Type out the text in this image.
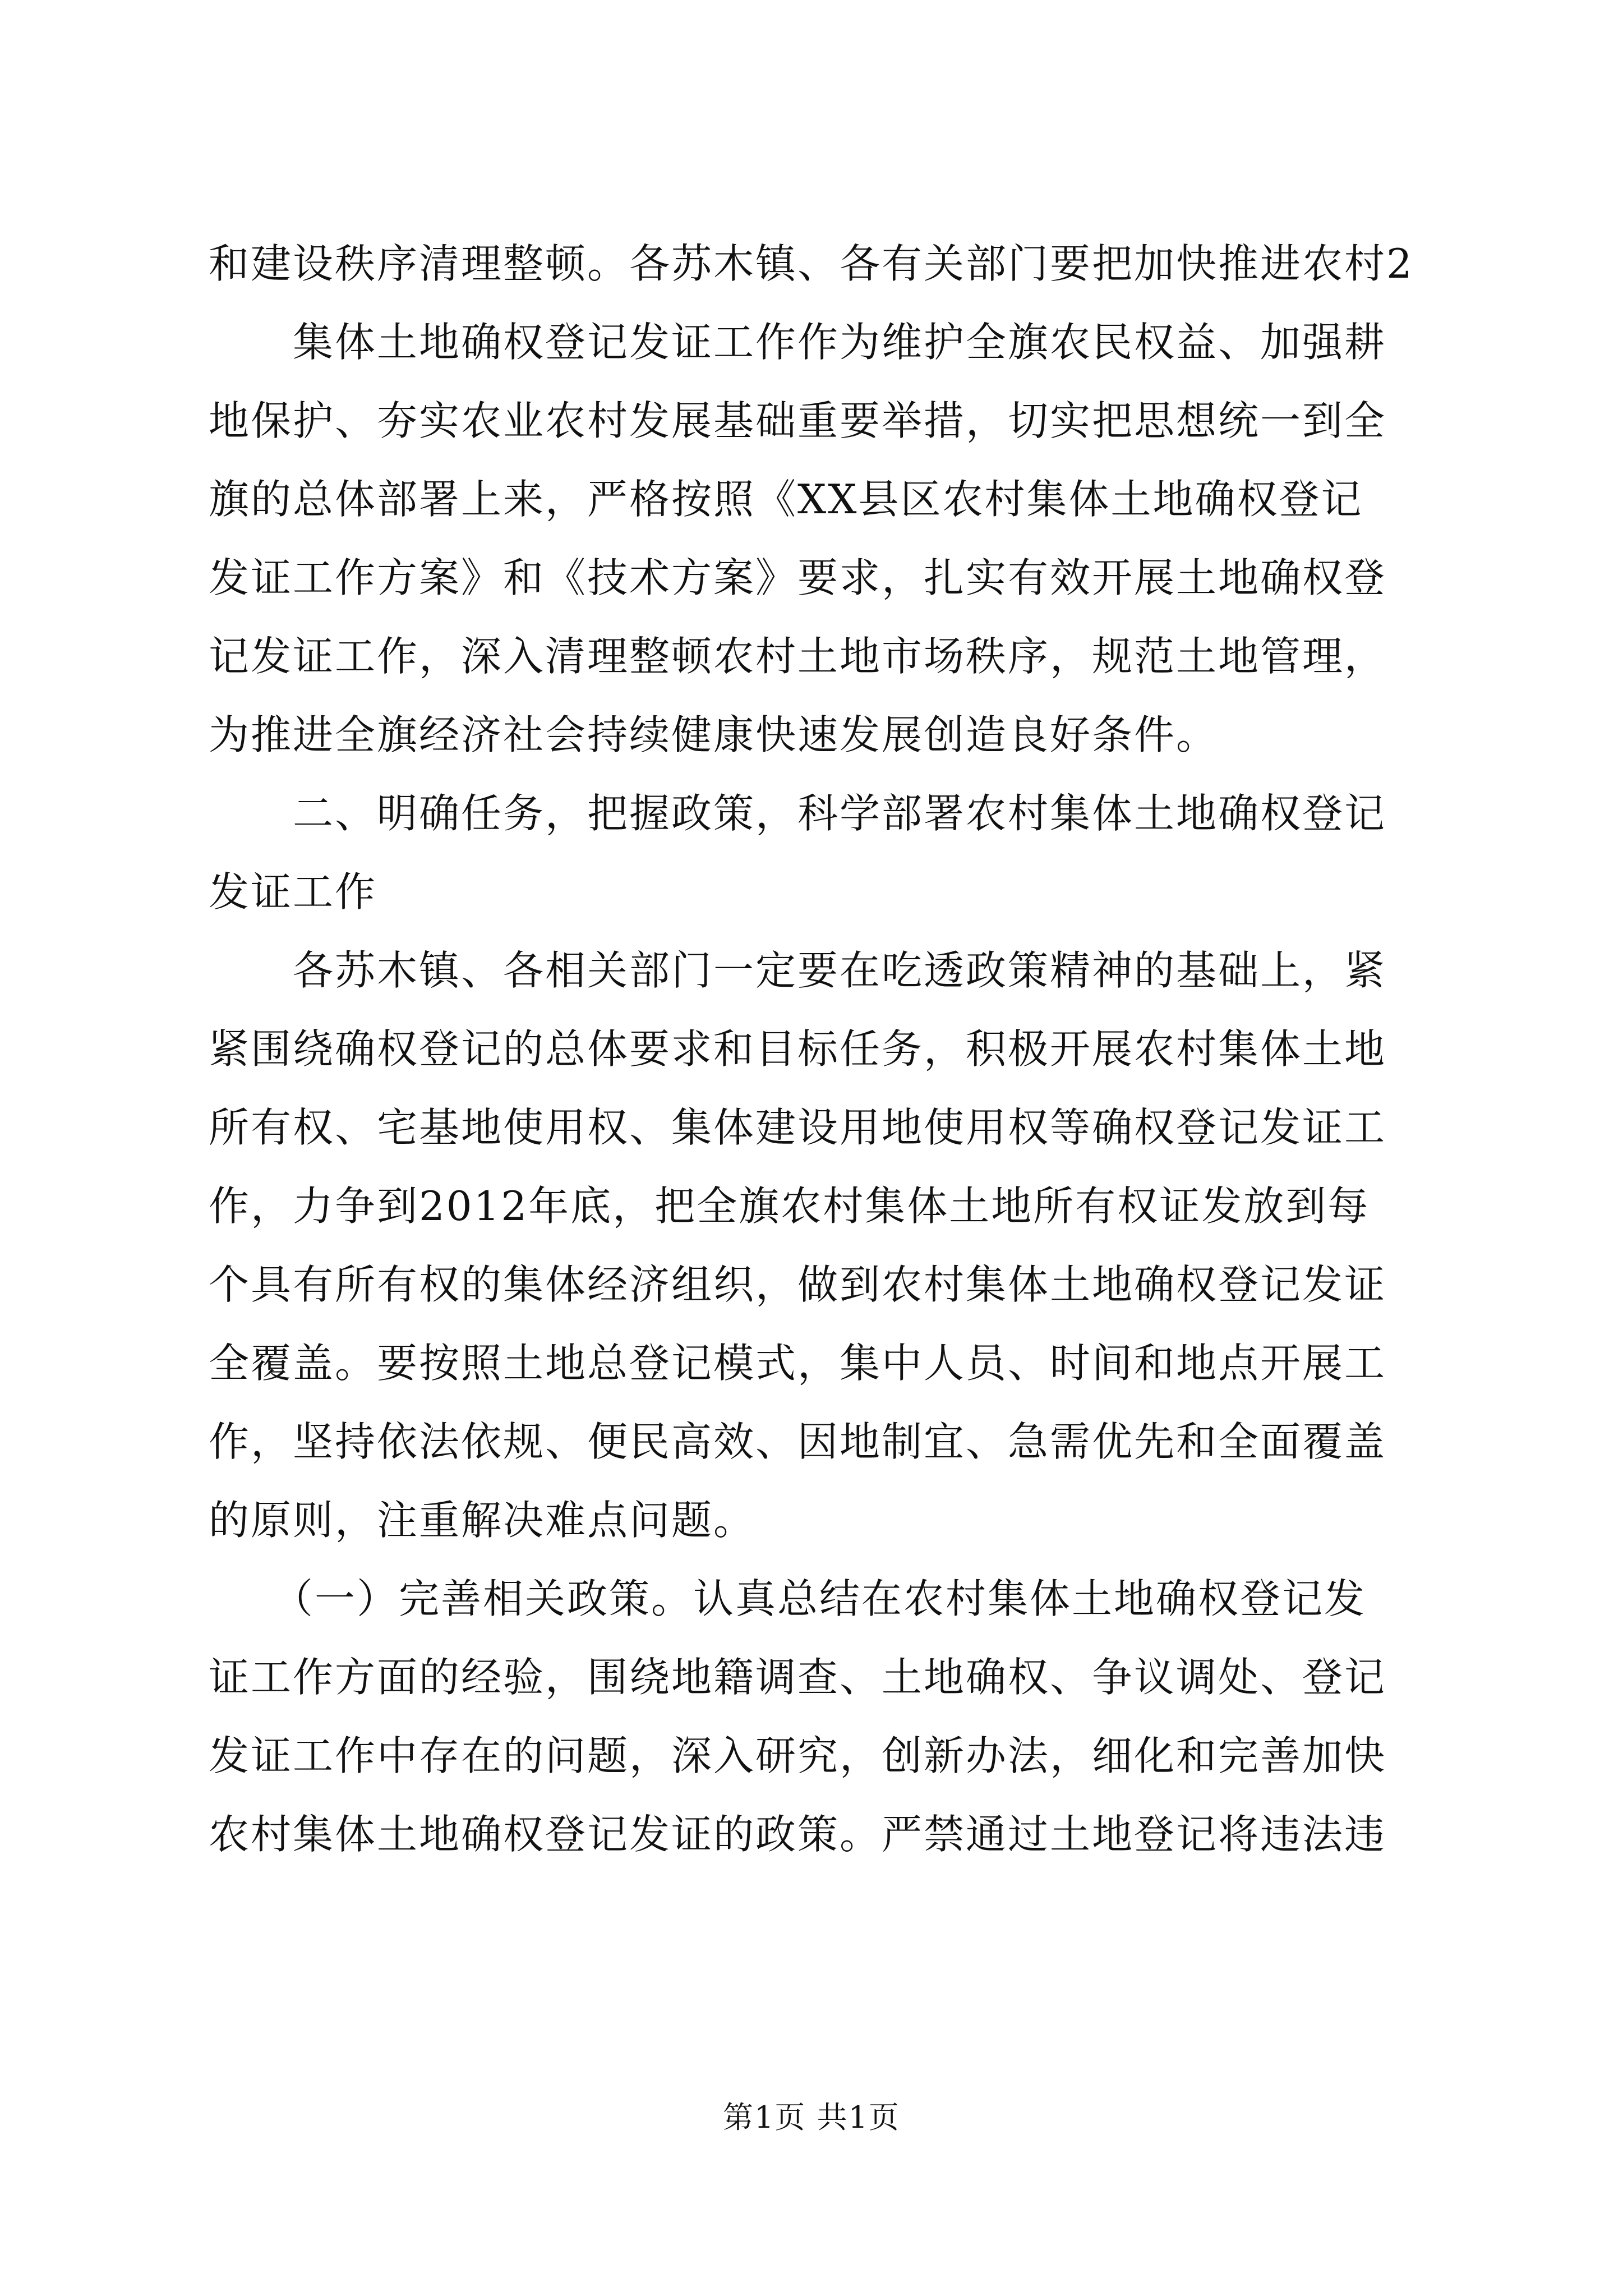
和建设秩序清理整顿。各苏木镇、各有关部门要把加快推进农村2
　　集体土地确权登记发证工作作为维护全旗农民权益、加强耕
地保护、夯实农业农村发展基础重要举措，切实把思想统一到全
旗的总体部署上来，严格按照《XX县区农村集体土地确权登记
发证工作方案》和《技术方案》要求，扎实有效开展土地确权登
记发证工作，深入清理整顿农村土地市场秩序，规范土地管理，
为推进全旗经济社会持续健康快速发展创造良好条件。
　　二、明确任务，把握政策，科学部署农村集体土地确权登记
发证工作
　　各苏木镇、各相关部门一定要在吃透政策精神的基础上，紧
紧围绕确权登记的总体要求和目标任务，积极开展农村集体土地
所有权、宅基地使用权、集体建设用地使用权等确权登记发证工
作，力争到2012年底，把全旗农村集体土地所有权证发放到每
个具有所有权的集体经济组织，做到农村集体土地确权登记发证
全覆盖。要按照土地总登记模式，集中人员、时间和地点开展工
作，坚持依法依规、便民高效、因地制宜、急需优先和全面覆盖
的原则，注重解决难点问题。
　　（一）完善相关政策。认真总结在农村集体土地确权登记发
证工作方面的经验，围绕地籍调查、土地确权、争议调处、登记
发证工作中存在的问题，深入研究，创新办法，细化和完善加快
农村集体土地确权登记发证的政策。严禁通过土地登记将违法违
第1页 共1页
